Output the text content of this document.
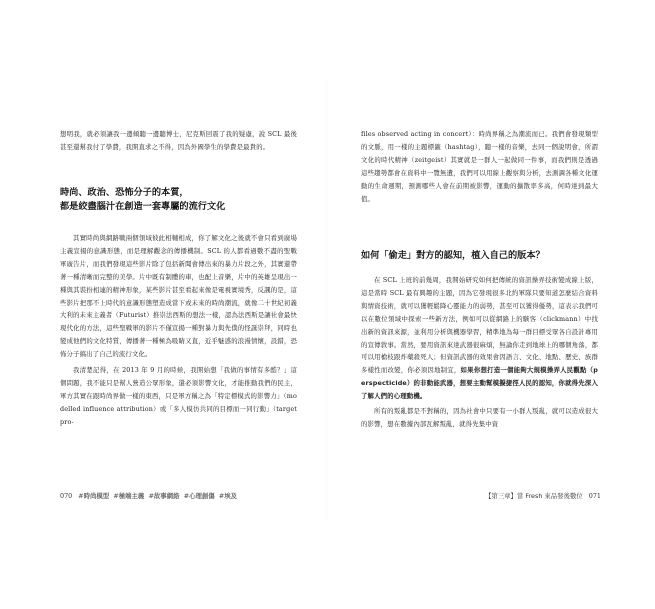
想明我，就必須讓我一邊傾聽一邊聽博士，尼克斯回震了我的疑慮，說 SCL 最後甚至還幫我付了學費，我開直求之不得，因為外國學生的學費是最貴的。

時尚、政治、恐怖分子的本質，

都是絞盡腦汁在創造一套專屬的流行文化

其實時尚與網路戰兩個領域彼此相輔相成，你了解文化之後就不會只看到廣場主義宣揚的意識形態，而是理解觀念的傳播機制。SCL 的人都看過數不盡的聖戰軍廣告片，而我們發現這些影片除了包括新聞會傳出來的暴力片段之外，其實還帶著一種清晰而完整的美學。片中既有制體的車，也配上音樂，片中的英雄呈現出一種與其裝扮相連的精神形象，某些影片甚至看起來像是電視實境秀，反諷的是，這些影片把那不上時代的意識形態塑造成當下或未來的時尚潮流，就像二十世紀初義大利的未來主義者（Futurist）推崇法西斯的想法一樣，認為法西斯是讓社會最快現代化的方法，這些聖戰軍的影片不僅宣揚一種對暴力與先僕的怪誕崇拜，同時也變成他們的文化特質，傳播著一種極為吸睛又直，近乎魅惑的浪漫情懷，設錯，恐怖分子搞出了自己的流行文化。

我清楚記得，在 2013 年 9 月的時候，我開始想「我做的事情有多酷？」這個問題，我不能只是幫人營造公眾形象，還必須影響文化，才能推動我們的民主，軍方其實在跟時尚界做一樣的東西，只是軍方稱之為「特定標模式的影響力」（modelled influence attribution）或「多人模仿共同的目標而一同行動」（target pro-

070 #時尚模型 #極端主義 #故事網絡 #心理創傷 #埃及

files observed acting in concert）：時尚界稱之為潮流而已。我們會發現類型的文脈，用一樣的主題標籤（hashtag），聽一樣的音樂，去同一個說明會，所謂文化的時代精神（zeitgeist）其實就是一群人一起做同一件事，而我們則是透過這些趨勢都會在資料中一覽無遺，我們可以用線上觀察與分析，去測調各種文化運動的生命週期，預測哪些人會在前期被影響，運動的擴散率多高，何時達到最大值。

如何「偷走」對方的認知，植入自己的版本？

在 SCL 上班的前幾周，我開始研究如何把傳統的資訊操弄技術變成線上版，這是當時 SCL 最有興趣的主題，因為它發現很多北約軍隊只要知道怎麼結合資料與情資技術，就可以獲輕鬆降心靈能力的弱勢，甚至可以獲得優勢，這表示我們可以在數位領域中探索一些新方法，例如可以從網路上的駭客（clickmann）中找出新的資訊來源，並利用分析與機器學習，精準地為每一群目標受眾各自設計專用的宣傳敘事。當然，要用資訊來達武器很麻煩，無論你走到地球上的哪個角落，都可以用槍枝跟炸藥殺死人；但資訊武器的效果會因語言、文化、地點、歷史、族群多樣性而改變，你必須因地制宜，如果你想打造一個能夠大規模操弄人民觀點（perspecticide）的非動能武器，想要主動幫模擬捷徑人民的認知，你就得先深入了解人們的心理動機。

所有的叛亂都是不對稱的，因為社會中只要有一小群人叛亂，就可以造成很大的影響，想在數據內部瓦解叛亂，就得先集中資

【第三章】當 Fresh 來品發後數位 071
